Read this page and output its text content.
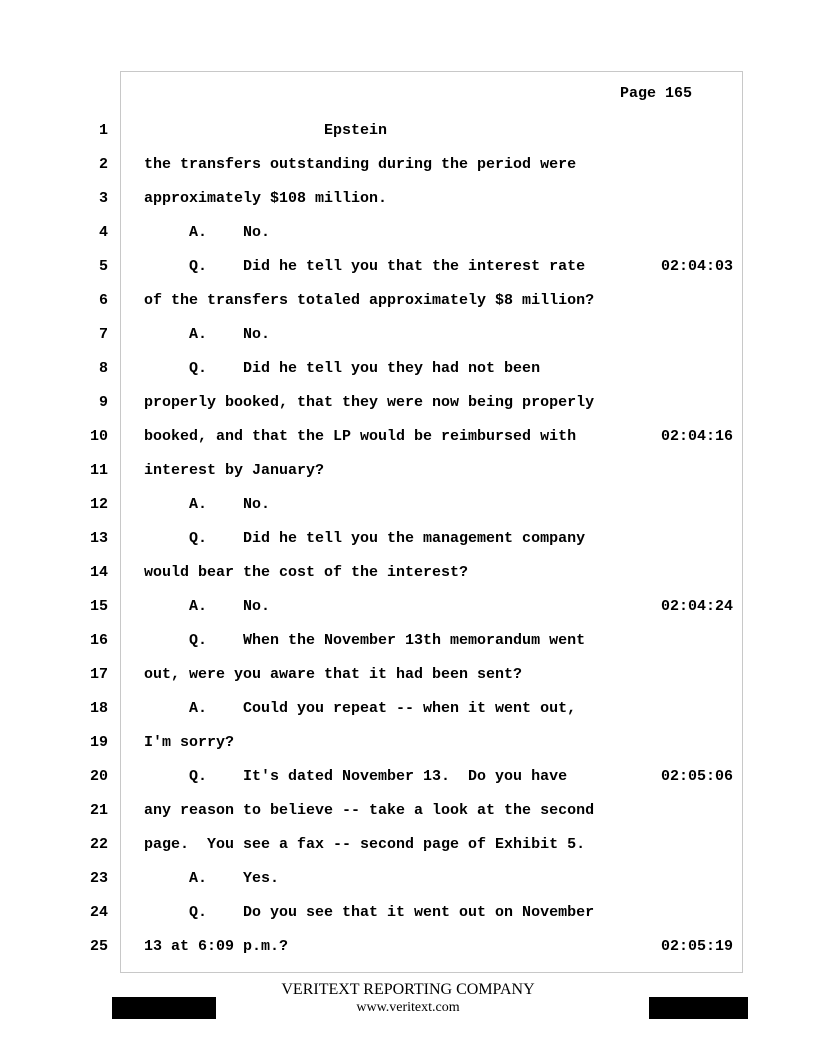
Page 165
1 Epstein
2 the transfers outstanding during the period were
3 approximately $108 million.
4 A.    No.
5 Q.    Did he tell you that the interest rate	02:04:03
6 of the transfers totaled approximately $8 million?
7 A.    No.
8 Q.    Did he tell you they had not been
9 properly booked, that they were now being properly
10 booked, and that the LP would be reimbursed with	02:04:16
11 interest by January?
12 A.    No.
13 Q.    Did he tell you the management company
14 would bear the cost of the interest?
15 A.    No.	02:04:24
16 Q.    When the November 13th memorandum went
17 out, were you aware that it had been sent?
18 A.    Could you repeat -- when it went out,
19 I'm sorry?
20 Q.    It's dated November 13.  Do you have	02:05:06
21 any reason to believe -- take a look at the second
22 page.  You see a fax -- second page of Exhibit 5.
23 A.    Yes.
24 Q.    Do you see that it went out on November
25 13 at 6:09 p.m.?	02:05:19
VERITEXT REPORTING COMPANY
www.veritext.com
